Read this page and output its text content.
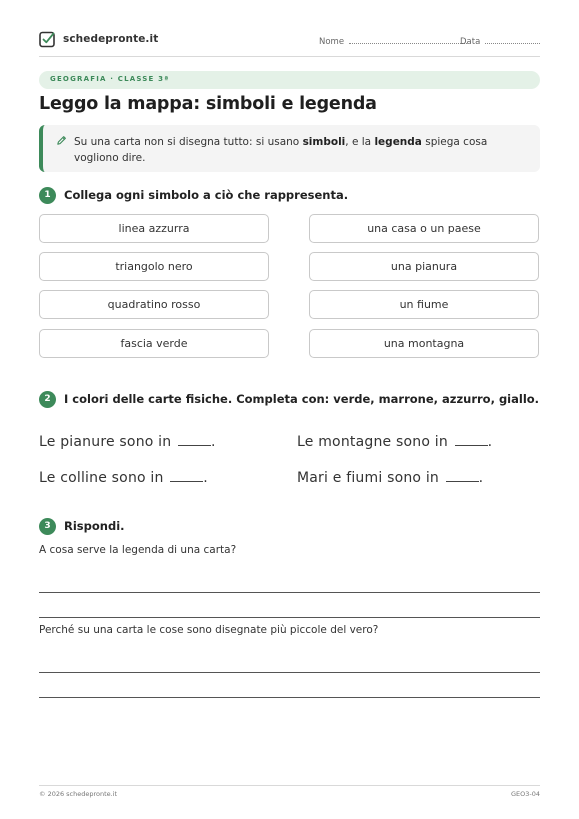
schedepronte.it	Nome	Data
GEOGRAFIA · CLASSE 3ª
Leggo la mappa: simboli e legenda
Su una carta non si disegna tutto: si usano simboli, e la legenda spiega cosa vogliono dire.
1	Collega ogni simbolo a ciò che rappresenta.
linea azzurra
triangolo nero
quadratino rosso
fascia verde
una casa o un paese
una pianura
un fiume
una montagna
2	I colori delle carte fisiche. Completa con: verde, marrone, azzurro, giallo.
Le pianure sono in	.	Le montagne sono in	.
Le colline sono in	.	Mari e fiumi sono in	.
3	Rispondi.
A cosa serve la legenda di una carta?
Perché su una carta le cose sono disegnate più piccole del vero?
© 2026 schedepronte.it	GEO3-04
